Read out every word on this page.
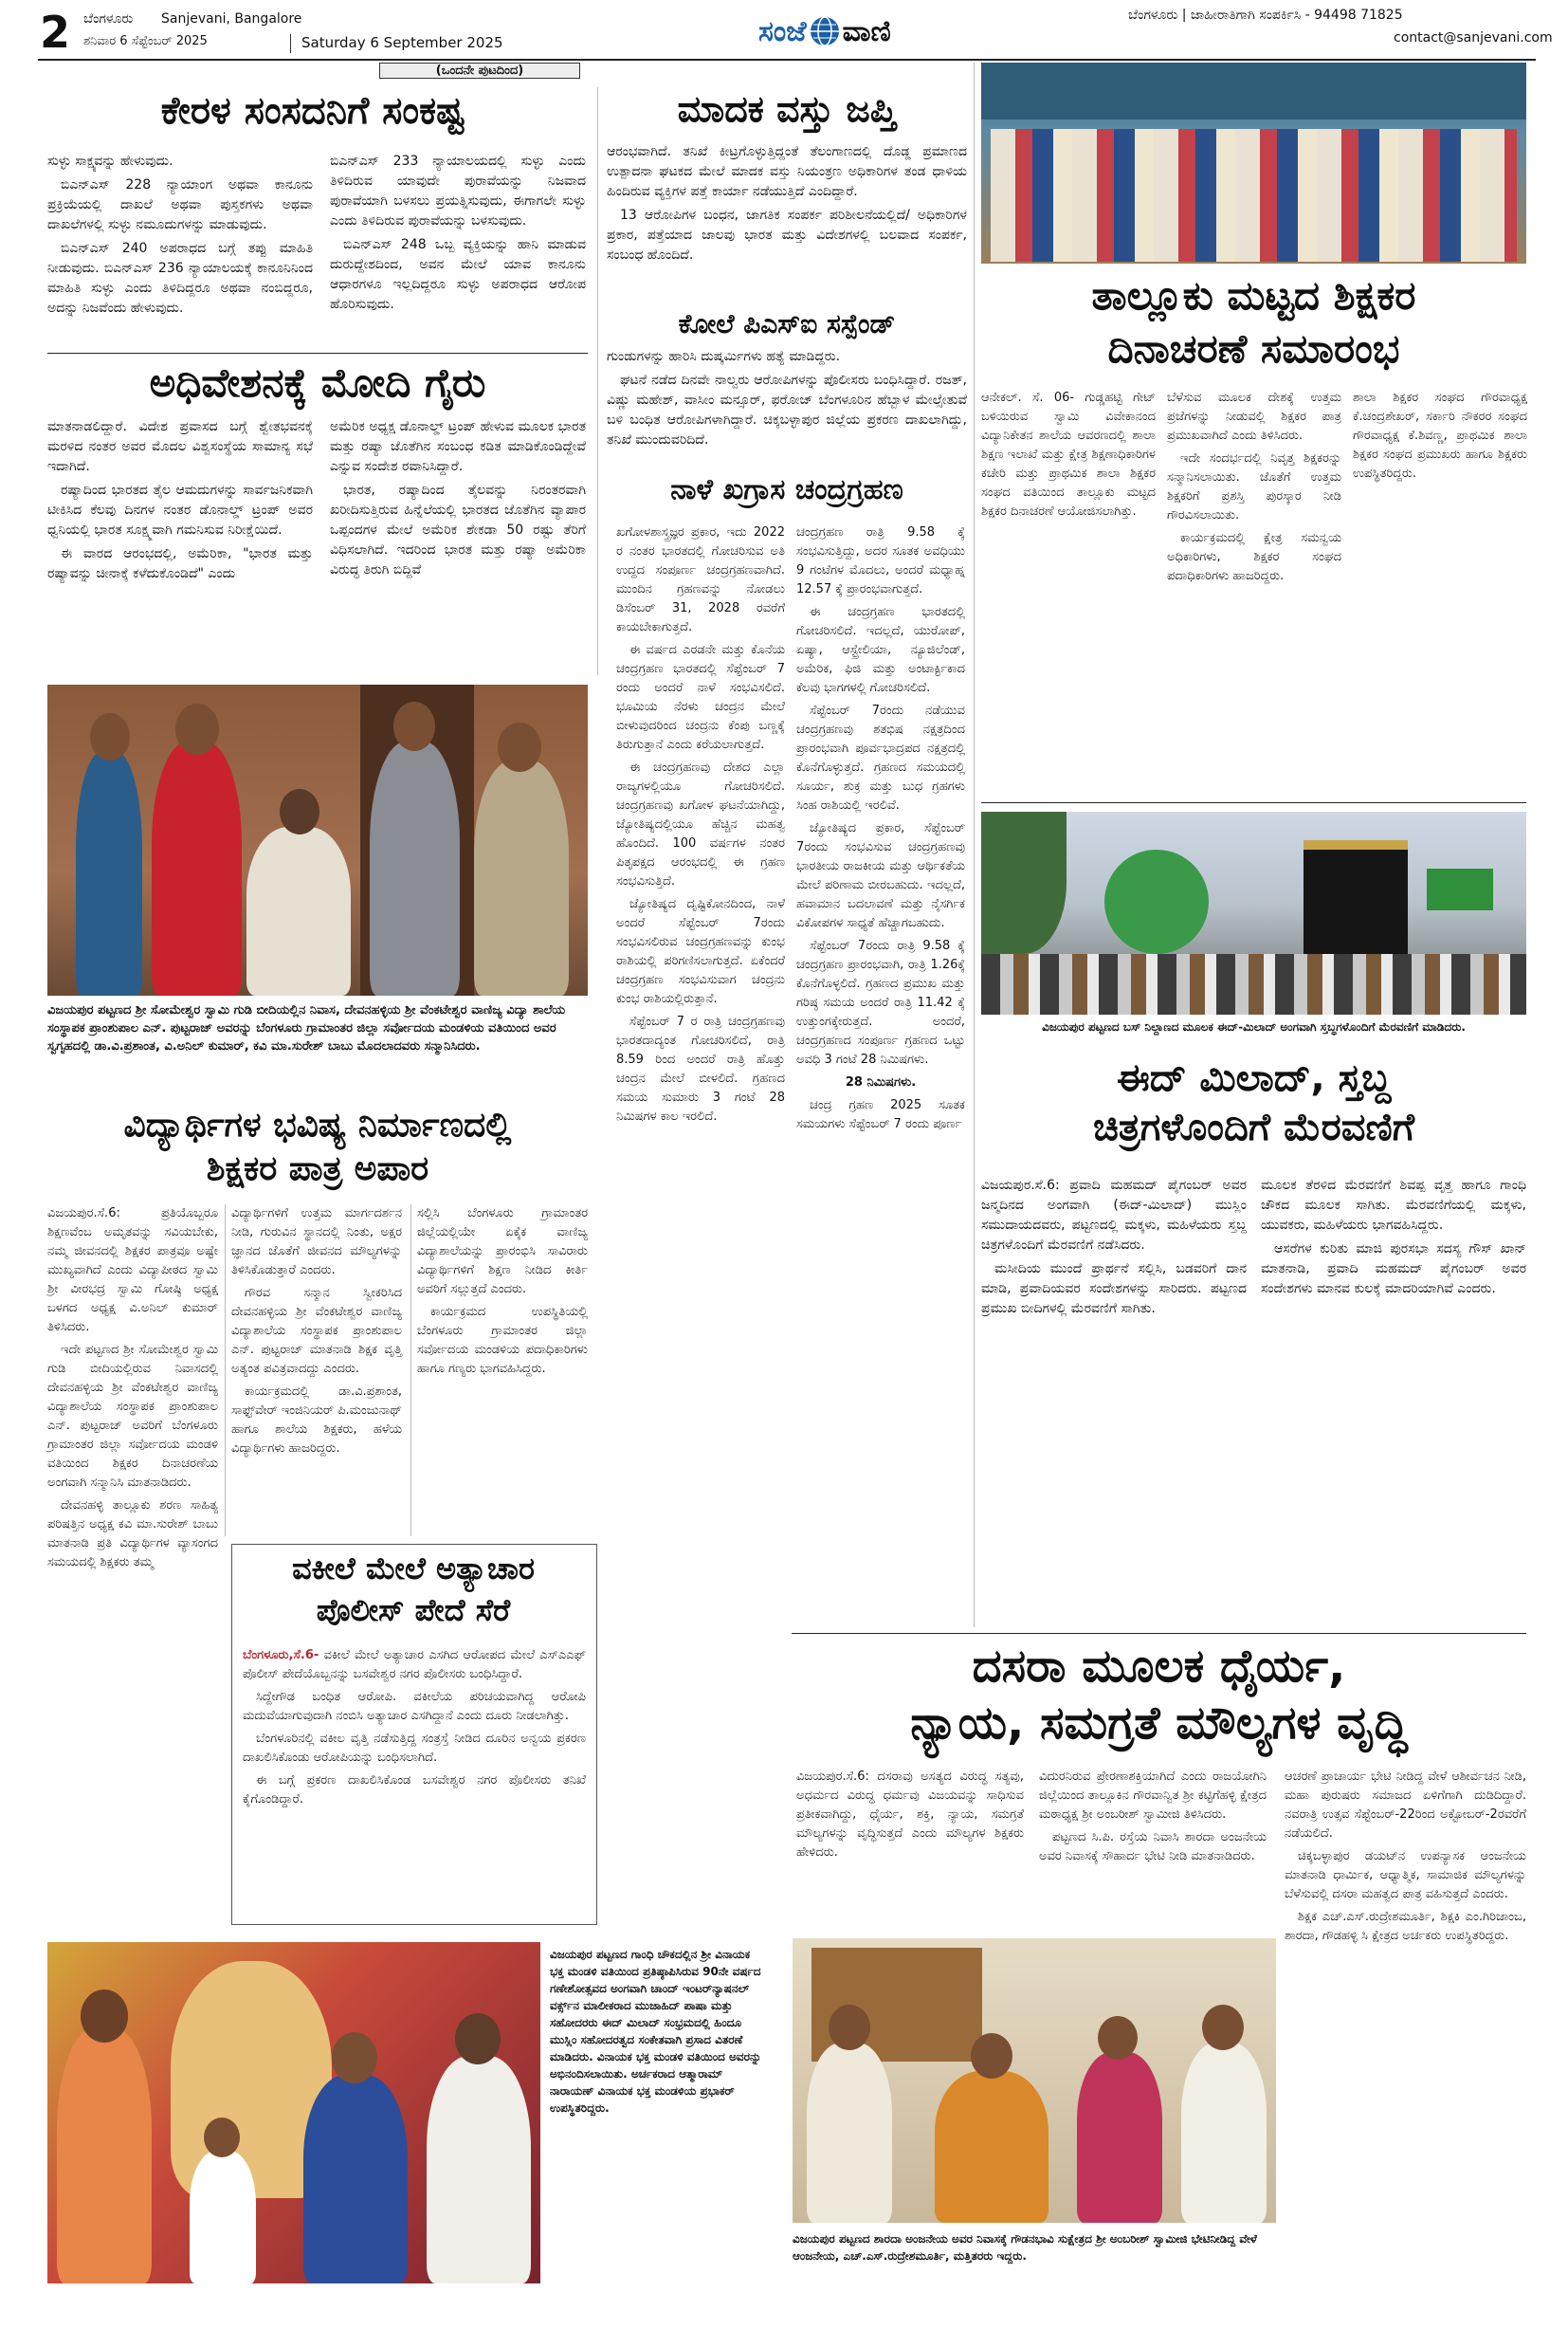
2 ಬೆಂಗಳೂರು Sanjevani, Bangalore
ಶನಿವಾರ 6 ಸೆಪ್ಟೆಂಬರ್ 2025	Saturday 6 September 2025	ಸಂಜೆ ವಾಣಿ	ಬೆಂಗಳೂರು | ಜಾಹೀರಾತಿಗಾಗಿ ಸಂಪರ್ಕಿಸಿ - 94498 71825
contact@sanjevani.com
(ಒಂದನೇ ಪುಟದಿಂದ)
ಕೇರಳ ಸಂಸದನಿಗೆ ಸಂಕಷ್ಟ

ಸುಳ್ಳು ಸಾಕ್ಷ್ಯವನ್ನು ಹೇಳುವುದು.

ಬಿಎನ್‌ಎಸ್ 228 ನ್ಯಾಯಾಂಗ ಅಥವಾ ಕಾನೂನು ಪ್ರಕ್ರಿಯೆಯಲ್ಲಿ ದಾಖಲೆ ಅಥವಾ ಪುಸ್ತಕಗಳು ಅಥವಾ ದಾಖಲೆಗಳಲ್ಲಿ ಸುಳ್ಳು ನಮೂದುಗಳನ್ನು ಮಾಡುವುದು.

ಬಿಎನ್‌ಎಸ್ 240 ಅಪರಾಧದ ಬಗ್ಗೆ ತಪ್ಪು ಮಾಹಿತಿ ನೀಡುವುದು. ಬಿಎನ್‌ಎಸ್ 236 ನ್ಯಾಯಾಲಯಕ್ಕೆ ಕಾನೂನಿನಿಂದ ಮಾಹಿತಿ ಸುಳ್ಳು ಎಂದು ತಿಳಿದಿದ್ದರೂ ಅಥವಾ ನಂಬಿದ್ದರೂ, ಅದನ್ನು ನಿಜವೆಂದು ಹೇಳುವುದು.

ಬಿಎನ್‌ಎಸ್ 233 ನ್ಯಾಯಾಲಯದಲ್ಲಿ ಸುಳ್ಳು ಎಂದು ತಿಳಿದಿರುವ ಯಾವುದೇ ಪುರಾವೆಯನ್ನು ನಿಜವಾದ ಪುರಾವೆಯಾಗಿ ಬಳಸಲು ಪ್ರಯತ್ನಿಸುವುದು, ಈಗಾಗಲೇ ಸುಳ್ಳು ಎಂದು ತಿಳಿದಿರುವ ಪುರಾವೆಯನ್ನು ಬಳಸುವುದು.

ಬಿಎನ್‌ಎಸ್ 248 ಒಬ್ಬ ವ್ಯಕ್ತಿಯನ್ನು ಹಾನಿ ಮಾಡುವ ದುರುದ್ದೇಶದಿಂದ, ಅವನ ಮೇಲೆ ಯಾವ ಕಾನೂನು ಆಧಾರಗಳೂ ಇಲ್ಲದಿದ್ದರೂ ಸುಳ್ಳು ಅಪರಾಧದ ಆರೋಪ ಹೊರಿಸುವುದು.

ಅಧಿವೇಶನಕ್ಕೆ ಮೋದಿ ಗೈರು

ಮಾತನಾಡಲಿದ್ದಾರೆ. ವಿದೇಶ ಪ್ರವಾಸದ ಬಗ್ಗೆ ಶ್ವೇತಭವನಕ್ಕೆ ಮರಳಿದ ನಂತರ ಅವರ ಮೊದಲ ವಿಶ್ವಸಂಸ್ಥೆಯ ಸಾಮಾನ್ಯ ಸಭೆ ಇದಾಗಿದೆ.

ರಷ್ಯಾದಿಂದ ಭಾರತದ ತೈಲ ಆಮದುಗಳನ್ನು ಸಾರ್ವಜನಿಕವಾಗಿ ಟೀಕಿಸಿದ ಕೆಲವು ದಿನಗಳ ನಂತರ ಡೊನಾಲ್ಡ್ ಟ್ರಂಪ್ ಅವರ ಧ್ವನಿಯಲ್ಲಿ ಭಾರತ ಸೂಕ್ಷ್ಮವಾಗಿ ಗಮನಿಸುವ ನಿರೀಕ್ಷೆಯಿದೆ.

ಈ ವಾರದ ಆರಂಭದಲ್ಲಿ, ಅಮೆರಿಕಾ, "ಭಾರತ ಮತ್ತು ರಷ್ಯಾವನ್ನು ಚೀನಾಕ್ಕೆ ಕಳೆದುಕೊಂಡಿದೆ" ಎಂದು

ಅಮೆರಿಕ ಅಧ್ಯಕ್ಷ ಡೊನಾಲ್ಡ್ ಟ್ರಂಪ್ ಹೇಳುವ ಮೂಲಕ ಭಾರತ ಮತ್ತು ರಷ್ಯಾ ಜೊತೆಗಿನ ಸಂಬಂಧ ಕಡಿತ ಮಾಡಿಕೊಂಡಿದ್ದೇವೆ ಎನ್ನುವ ಸಂದೇಶ ರವಾನಿಸಿದ್ದಾರೆ.

ಭಾರತ, ರಷ್ಯಾದಿಂದ ತೈಲವನ್ನು ನಿರಂತರವಾಗಿ ಖರೀದಿಸುತ್ತಿರುವ ಹಿನ್ನೆಲೆಯಲ್ಲಿ ಭಾರತದ ಜೊತೆಗಿನ ವ್ಯಾಪಾರ ಒಪ್ಪಂದಗಳ ಮೇಲೆ ಅಮೆರಿಕ ಶೇಕಡಾ 50 ರಷ್ಟು ತೆರಿಗೆ ವಿಧಿಸಲಾಗಿದೆ. ಇದರಿಂದ ಭಾರತ ಮತ್ತು ರಷ್ಯಾ ಅಮೆರಿಕಾ ವಿರುದ್ಧ ತಿರುಗಿ ಬಿದ್ದಿವೆ

ವಿಜಯಪುರ ಪಟ್ಟಣದ ಶ್ರೀ ಸೋಮೇಶ್ವರ ಸ್ವಾಮಿ ಗುಡಿ ಬೀದಿಯಲ್ಲಿನ ನಿವಾಸ, ದೇವನಹಳ್ಳಿಯ ಶ್ರೀ ವೆಂಕಟೇಶ್ವರ ವಾಣಿಜ್ಯ ವಿದ್ಯಾ ಶಾಲೆಯ ಸಂಸ್ಥಾಪಕ ಪ್ರಾಂಶುಪಾಲ ಎನ್. ಪುಟ್ಟರಾಜ್ ಅವರನ್ನು ಬೆಂಗಳೂರು ಗ್ರಾಮಾಂತರ ಜಿಲ್ಲಾ ಸರ್ವೋದಯ ಮಂಡಳಿಯ ವತಿಯಿಂದ ಅವರ ಸ್ವಗೃಹದಲ್ಲಿ ಡಾ.ವಿ.ಪ್ರಶಾಂತ, ವಿ.ಅನಿಲ್ ಕುಮಾರ್, ಕವಿ ಮಾ.ಸುರೇಶ್ ಬಾಬು ಮೊದಲಾದವರು ಸನ್ಮಾನಿಸಿದರು.
ವಿದ್ಯಾರ್ಥಿಗಳ ಭವಿಷ್ಯ ನಿರ್ಮಾಣದಲ್ಲಿ
ಶಿಕ್ಷಕರ ಪಾತ್ರ ಅಪಾರ

ವಿಜಯಪುರ.ಸೆ.6: ಪ್ರತಿಯೊಬ್ಬರೂ ಶಿಕ್ಷಣವೆಂಬ ಅಮೃತವನ್ನು ಸವಿಯಬೇಕು, ನಮ್ಮ ಜೀವನದಲ್ಲಿ ಶಿಕ್ಷಕರ ಪಾತ್ರವೂ ಅಷ್ಟೇ ಮುಖ್ಯವಾಗಿದೆ ಎಂದು ವಿದ್ಯಾಪೀಠದ ಸ್ವಾಮಿ ಶ್ರೀ ವೀರಭದ್ರ ಸ್ವಾಮಿ ಗೋಷ್ಠಿ ಅಧ್ಯಕ್ಷ ಬಳಗದ ಅಧ್ಯಕ್ಷ ವಿ.ಅನಿಲ್ ಕುಮಾರ್ ತಿಳಿಸಿದರು.

ಇದೇ ಪಟ್ಟಣದ ಶ್ರೀ ಸೋಮೇಶ್ವರ ಸ್ವಾಮಿ ಗುಡಿ ಬೀದಿಯಲ್ಲಿರುವ ನಿವಾಸದಲ್ಲಿ ದೇವನಹಳ್ಳಿಯ ಶ್ರೀ ವೆಂಕಟೇಶ್ವರ ವಾಣಿಜ್ಯ ವಿದ್ಯಾಶಾಲೆಯ ಸಂಸ್ಥಾಪಕ ಪ್ರಾಂಶುಪಾಲ ಎನ್. ಪುಟ್ಟರಾಜ್ ಅವರಿಗೆ ಬೆಂಗಳೂರು ಗ್ರಾಮಾಂತರ ಜಿಲ್ಲಾ ಸರ್ವೋದಯ ಮಂಡಳಿ ವತಿಯಿಂದ ಶಿಕ್ಷಕರ ದಿನಾಚರಣೆಯ ಅಂಗವಾಗಿ ಸನ್ಮಾನಿಸಿ ಮಾತನಾಡಿದರು.

ದೇವನಹಳ್ಳಿ ತಾಲ್ಲೂಕು ಶರಣ ಸಾಹಿತ್ಯ ಪರಿಷತ್ತಿನ ಅಧ್ಯಕ್ಷ ಕವಿ ಮಾ.ಸುರೇಶ್ ಬಾಬು ಮಾತನಾಡಿ ಪ್ರತಿ ವಿದ್ಯಾರ್ಥಿಗಳ ವ್ಯಾಸಂಗದ ಸಮಯದಲ್ಲಿ ಶಿಕ್ಷಕರು ತಮ್ಮ

ವಿದ್ಯಾರ್ಥಿಗಳಿಗೆ ಉತ್ತಮ ಮಾರ್ಗದರ್ಶನ ನೀಡಿ, ಗುರುವಿನ ಸ್ಥಾನದಲ್ಲಿ ನಿಂತು, ಅಕ್ಷರ ಜ್ಞಾನದ ಜೊತೆಗೆ ಜೀವನದ ಮೌಲ್ಯಗಳನ್ನು ತಿಳಿಸಿಕೊಡುತ್ತಾರೆ ಎಂದರು.

ಗೌರವ ಸನ್ಮಾನ ಸ್ವೀಕರಿಸಿದ ದೇವನಹಳ್ಳಿಯ ಶ್ರೀ ವೆಂಕಟೇಶ್ವರ ವಾಣಿಜ್ಯ ವಿದ್ಯಾಶಾಲೆಯ ಸಂಸ್ಥಾಪಕ ಪ್ರಾಂಶುಪಾಲ ಎನ್. ಪುಟ್ಟರಾಜ್ ಮಾತನಾಡಿ ಶಿಕ್ಷಕ ವೃತ್ತಿ ಅತ್ಯಂತ ಪವಿತ್ರವಾದದ್ದು ಎಂದರು.

ಕಾರ್ಯಕ್ರಮದಲ್ಲಿ ಡಾ.ವಿ.ಪ್ರಶಾಂತ, ಸಾಫ್ಟ್‌ವೇರ್ ಇಂಜಿನಿಯರ್ ಪಿ.ಮಂಜುನಾಥ್ ಹಾಗೂ ಶಾಲೆಯ ಶಿಕ್ಷಕರು, ಹಳೆಯ ವಿದ್ಯಾರ್ಥಿಗಳು ಹಾಜರಿದ್ದರು.

ಸಲ್ಲಿಸಿ ಬೆಂಗಳೂರು ಗ್ರಾಮಾಂತರ ಜಿಲ್ಲೆಯಲ್ಲಿಯೇ ಏಕೈಕ ವಾಣಿಜ್ಯ ವಿದ್ಯಾಶಾಲೆಯನ್ನು ಪ್ರಾರಂಭಿಸಿ ಸಾವಿರಾರು ವಿದ್ಯಾರ್ಥಿಗಳಿಗೆ ಶಿಕ್ಷಣ ನೀಡಿದ ಕೀರ್ತಿ ಅವರಿಗೆ ಸಲ್ಲುತ್ತದೆ ಎಂದರು.

ಕಾರ್ಯಕ್ರಮದ ಉಪಸ್ಥಿತಿಯಲ್ಲಿ ಬೆಂಗಳೂರು ಗ್ರಾಮಾಂತರ ಜಿಲ್ಲಾ ಸರ್ವೋದಯ ಮಂಡಳಿಯ ಪದಾಧಿಕಾರಿಗಳು ಹಾಗೂ ಗಣ್ಯರು ಭಾಗವಹಿಸಿದ್ದರು.

ವಕೀಲೆ ಮೇಲೆ ಅತ್ಯಾಚಾರ
ಪೊಲೀಸ್ ಪೇದೆ ಸೆರೆ

ಬೆಂಗಳೂರು,ಸೆ.6- ವಕೀಲೆ ಮೇಲೆ ಅತ್ಯಾಚಾರ ಎಸಗಿದ ಆರೋಪದ ಮೇಲೆ ಎಸ್‌ಎಎಫ್ ಪೊಲೀಸ್ ಪೇದೆಯೊಬ್ಬನನ್ನು ಬಸವೇಶ್ವರ ನಗರ ಪೊಲೀಸರು ಬಂಧಿಸಿದ್ದಾರೆ.

ಸಿದ್ದೇಗೌಡ ಬಂಧಿತ ಆರೋಪಿ. ವಕೀಲೆಯ ಪರಿಚಯವಾಗಿದ್ದ ಆರೋಪಿ ಮದುವೆಯಾಗುವುದಾಗಿ ನಂಬಿಸಿ ಅತ್ಯಾಚಾರ ಎಸಗಿದ್ದಾನೆ ಎಂದು ದೂರು ನೀಡಲಾಗಿತ್ತು.

ಬೆಂಗಳೂರಿನಲ್ಲಿ ವಕೀಲ ವೃತ್ತಿ ನಡೆಸುತ್ತಿದ್ದ ಸಂತ್ರಸ್ತೆ ನೀಡಿದ ದೂರಿನ ಅನ್ವಯ ಪ್ರಕರಣ ದಾಖಲಿಸಿಕೊಂಡು ಆರೋಪಿಯನ್ನು ಬಂಧಿಸಲಾಗಿದೆ.

ಈ ಬಗ್ಗೆ ಪ್ರಕರಣ ದಾಖಲಿಸಿಕೊಂಡ ಬಸವೇಶ್ವರ ನಗರ ಪೊಲೀಸರು ತನಿಖೆ ಕೈಗೊಂಡಿದ್ದಾರೆ.

ವಿಜಯಪುರ ಪಟ್ಟಣದ ಗಾಂಧಿ ಚೌಕದಲ್ಲಿನ ಶ್ರೀ ವಿನಾಯಕ ಭಕ್ತ ಮಂಡಳಿ ವತಿಯಿಂದ ಪ್ರತಿಷ್ಠಾಪಿಸಿರುವ 90ನೇ ವರ್ಷದ ಗಣೇಶೋತ್ಸವದ ಅಂಗವಾಗಿ ಚಾಂದ್ ಇಂಟರ್‌ನ್ಯಾಷನಲ್ ವರ್ಕ್ಸ್‌ನ ಮಾಲೀಕರಾದ ಮುಜಾಹಿದ್ ಪಾಷಾ ಮತ್ತು ಸಹೋದರರು ಈದ್ ಮಿಲಾದ್ ಸಂಭ್ರಮದಲ್ಲಿ ಹಿಂದೂ ಮುಸ್ಲಿಂ ಸಹೋದರತ್ವದ ಸಂಕೇತವಾಗಿ ಪ್ರಸಾದ ವಿತರಣೆ ಮಾಡಿದರು. ವಿನಾಯಕ ಭಕ್ತ ಮಂಡಳಿ ವತಿಯಿಂದ ಅವರನ್ನು ಅಭಿನಂದಿಸಲಾಯಿತು. ಅರ್ಚಕರಾದ ಆತ್ಮಾರಾಮ್ ನಾರಾಯಣ್ ವಿನಾಯಕ ಭಕ್ತ ಮಂಡಳಿಯ ಪ್ರಭಾಕರ್ ಉಪಸ್ಥಿತರಿದ್ದರು.
ಮಾದಕ ವಸ್ತು ಜಪ್ತಿ

ಆರಂಭವಾಗಿದೆ. ತನಿಖೆ ಕೀಟ್ರಗೊಳ್ಳುತ್ತಿದ್ದಂತೆ ತೆಲಂಗಾಣದಲ್ಲಿ ದೊಡ್ಡ ಪ್ರಮಾಣದ ಉತ್ಪಾದನಾ ಘಟಕದ ಮೇಲೆ ಮಾದಕ ವಸ್ತು ನಿಯಂತ್ರಣ ಅಧಿಕಾರಿಗಳ ತಂಡ ಧಾಳಿಯ ಹಿಂದಿರುವ ವ್ಯಕ್ತಿಗಳ ಪತ್ತೆ ಕಾರ್ಯಾ ನಡೆಯುತ್ತಿದೆ ಎಂದಿದ್ದಾರೆ.

13 ಆರೋಪಿಗಳ ಬಂಧನ, ಜಾಗತಿಕ ಸಂಪರ್ಕ ಪರಿಶೀಲನೆಯಲ್ಲಿದೆ/ ಅಧಿಕಾರಿಗಳ ಪ್ರಕಾರ, ಪತ್ತೆಯಾದ ಜಾಲವು ಭಾರತ ಮತ್ತು ವಿದೇಶಗಳಲ್ಲಿ ಬಲವಾದ ಸಂಪರ್ಕ, ಸಂಬಂಧ ಹೊಂದಿದೆ.

ಕೋಲೆ ಪಿಎಸ್‌ಐ ಸಸ್ಪೆಂಡ್

ಗುಂಡುಗಳನ್ನು ಹಾರಿಸಿ ದುಷ್ಕರ್ಮಿಗಳು ಹತ್ಯೆ ಮಾಡಿದ್ದರು.

ಘಟನೆ ನಡೆದ ದಿನವೇ ನಾಲ್ವರು ಆರೋಪಿಗಳನ್ನು ಪೊಲೀಸರು ಬಂಧಿಸಿದ್ದಾರೆ. ರಜತ್, ವಿಷ್ಣು ಮಹೇಶ್, ವಾಸೀಂ ಮನ್ಸೂರ್, ಫರೋಜ್ ಬೆಂಗಳೂರಿನ ಹೆಬ್ಬಾಳ ಮೇಲ್ಸೇತುವೆ ಬಳಿ ಬಂಧಿತ ಆರೋಪಿಗಳಾಗಿದ್ದಾರೆ. ಚಿಕ್ಕಬಳ್ಳಾಪುರ ಜಿಲ್ಲೆಯ ಪ್ರಕರಣ ದಾಖಲಾಗಿದ್ದು, ತನಿಖೆ ಮುಂದುವರಿದಿದೆ.

ನಾಳೆ ಖಗ್ರಾಸ ಚಂದ್ರಗ್ರಹಣ

ಖಗೋಳಶಾಸ್ತ್ರಜ್ಞರ ಪ್ರಕಾರ, ಇದು 2022 ರ ನಂತರ ಭಾರತದಲ್ಲಿ ಗೋಚರಿಸುವ ಅತಿ ಉದ್ದದ ಸಂಪೂರ್ಣ ಚಂದ್ರಗ್ರಹಣವಾಗಿದೆ. ಮುಂದಿನ ಗ್ರಹಣವನ್ನು ನೋಡಲು ಡಿಸೆಂಬರ್ 31, 2028 ರವರೆಗೆ ಕಾಯಬೇಕಾಗುತ್ತದೆ.

ಈ ವರ್ಷದ ಎರಡನೇ ಮತ್ತು ಕೊನೆಯ ಚಂದ್ರಗ್ರಹಣ ಭಾರತದಲ್ಲಿ ಸೆಪ್ಟೆಂಬರ್ 7 ರಂದು ಅಂದರೆ ನಾಳೆ ಸಂಭವಿಸಲಿದೆ. ಭೂಮಿಯ ನೆರಳು ಚಂದ್ರನ ಮೇಲೆ ಬೀಳುವುದರಿಂದ ಚಂದ್ರನು ಕೆಂಪು ಬಣ್ಣಕ್ಕೆ ತಿರುಗುತ್ತಾನೆ ಎಂದು ಕರೆಯಲಾಗುತ್ತದೆ.

ಈ ಚಂದ್ರಗ್ರಹಣವು ದೇಶದ ಎಲ್ಲಾ ರಾಜ್ಯಗಳಲ್ಲಿಯೂ ಗೋಚರಿಸಲಿದೆ. ಚಂದ್ರಗ್ರಹಣವು ಖಗೋಳ ಘಟನೆಯಾಗಿದ್ದು, ಜ್ಯೋತಿಷ್ಯದಲ್ಲಿಯೂ ಹೆಚ್ಚಿನ ಮಹತ್ವ ಹೊಂದಿದೆ. 100 ವರ್ಷಗಳ ನಂತರ ಪಿತೃಪಕ್ಷದ ಆರಂಭದಲ್ಲಿ ಈ ಗ್ರಹಣ ಸಂಭವಿಸುತ್ತಿದೆ.

ಜ್ಯೋತಿಷ್ಯದ ದೃಷ್ಟಿಕೋನದಿಂದ, ನಾಳೆ ಅಂದರೆ ಸೆಪ್ಟೆಂಬರ್ 7ರಂದು ಸಂಭವಿಸಲಿರುವ ಚಂದ್ರಗ್ರಹಣವನ್ನು ಕುಂಭ ರಾಶಿಯಲ್ಲಿ ಪರಿಗಣಿಸಲಾಗುತ್ತದೆ. ಏಕೆಂದರೆ ಚಂದ್ರಗ್ರಹಣ ಸಂಭವಿಸುವಾಗ ಚಂದ್ರನು ಕುಂಭ ರಾಶಿಯಲ್ಲಿರುತ್ತಾನೆ.

ಸೆಪ್ಟೆಂಬರ್ 7 ರ ರಾತ್ರಿ ಚಂದ್ರಗ್ರಹಣವು ಭಾರತದಾದ್ಯಂತ ಗೋಚರಿಸಲಿದೆ, ರಾತ್ರಿ 8.59 ರಿಂದ ಅಂದರೆ ರಾತ್ರಿ ಹೊತ್ತು ಚಂದ್ರನ ಮೇಲೆ ಬೀಳಲಿದೆ. ಗ್ರಹಣದ ಸಮಯ ಸುಮಾರು 3 ಗಂಟೆ 28 ನಿಮಿಷಗಳ ಕಾಲ ಇರಲಿದೆ.

ಚಂದ್ರಗ್ರಹಣ ರಾತ್ರಿ 9.58 ಕ್ಕೆ ಸಂಭವಿಸುತ್ತಿದ್ದು, ಅದರ ಸೂತಕ ಅವಧಿಯು 9 ಗಂಟೆಗಳ ಮೊದಲು, ಅಂದರೆ ಮಧ್ಯಾಹ್ನ 12.57 ಕ್ಕೆ ಪ್ರಾರಂಭವಾಗುತ್ತದೆ.

ಈ ಚಂದ್ರಗ್ರಹಣ ಭಾರತದಲ್ಲಿ ಗೋಚರಿಸಲಿದೆ. ಇದಲ್ಲದೆ, ಯುರೋಪ್, ಏಷ್ಯಾ, ಆಸ್ಟ್ರೇಲಿಯಾ, ನ್ಯೂಜಿಲೆಂಡ್, ಅಮೆರಿಕ, ಫಿಜಿ ಮತ್ತು ಅಂಟಾರ್ಕ್ಟಿಕಾದ ಕೆಲವು ಭಾಗಗಳಲ್ಲಿ ಗೋಚರಿಸಲಿದೆ.

ಸೆಪ್ಟೆಂಬರ್ 7ರಂದು ನಡೆಯುವ ಚಂದ್ರಗ್ರಹಣವು ಶತಭಿಷ ನಕ್ಷತ್ರದಿಂದ ಪ್ರಾರಂಭವಾಗಿ ಪೂರ್ವಭಾದ್ರಪದ ನಕ್ಷತ್ರದಲ್ಲಿ ಕೊನೆಗೊಳ್ಳುತ್ತದೆ. ಗ್ರಹಣದ ಸಮಯದಲ್ಲಿ ಸೂರ್ಯ, ಶುಕ್ರ ಮತ್ತು ಬುಧ ಗ್ರಹಗಳು ಸಿಂಹ ರಾಶಿಯಲ್ಲಿ ಇರಲಿವೆ.

ಜ್ಯೋತಿಷ್ಯದ ಪ್ರಕಾರ, ಸೆಪ್ಟೆಂಬರ್ 7ರಂದು ಸಂಭವಿಸುವ ಚಂದ್ರಗ್ರಹಣವು ಭಾರತೀಯ ರಾಜಕೀಯ ಮತ್ತು ಆರ್ಥಿಕತೆಯ ಮೇಲೆ ಪರಿಣಾಮ ಬೀರಬಹುದು. ಇದಲ್ಲದೆ, ಹವಾಮಾನ ಬದಲಾವಣೆ ಮತ್ತು ನೈಸರ್ಗಿಕ ವಿಕೋಪಗಳ ಸಾಧ್ಯತೆ ಹೆಚ್ಚಾಗಬಹುದು.

ಸೆಪ್ಟೆಂಬರ್ 7ರಂದು ರಾತ್ರಿ 9.58 ಕ್ಕೆ ಚಂದ್ರಗ್ರಹಣ ಪ್ರಾರಂಭವಾಗಿ, ರಾತ್ರಿ 1.26ಕ್ಕೆ ಕೊನೆಗೊಳ್ಳಲಿದೆ. ಗ್ರಹಣದ ಪ್ರಮುಖ ಮತ್ತು ಗರಿಷ್ಠ ಸಮಯ ಅಂದರೆ ರಾತ್ರಿ 11.42 ಕ್ಕೆ ಉತ್ತುಂಗಕ್ಕೇರುತ್ತದೆ. ಅಂದರೆ, ಚಂದ್ರಗ್ರಹಣದ ಸಂಪೂರ್ಣ ಗ್ರಹಣದ ಒಟ್ಟು ಅವಧಿ 3 ಗಂಟೆ 28 ನಿಮಿಷಗಳು.

28 ನಿಮಿಷಗಳು.

ಚಂದ್ರ ಗ್ರಹಣ 2025 ಸೂತಕ ಸಮಯಗಳು ಸೆಪ್ಟೆಂಬರ್ 7 ರಂದು ಪೂರ್ಣ

ತಾಲ್ಲೂಕು ಮಟ್ಟದ ಶಿಕ್ಷಕರ
ದಿನಾಚರಣೆ ಸಮಾರಂಭ

ಆನೇಕಲ್. ಸೆ. 06- ಗುಡ್ಡಹಟ್ಟಿ ಗೇಟ್ ಬಳಿಯಿರುವ ಸ್ವಾಮಿ ವಿವೇಕಾನಂದ ವಿದ್ಯಾನಿಕೇತನ ಶಾಲೆಯ ಆವರಣದಲ್ಲಿ ಶಾಲಾ ಶಿಕ್ಷಣ ಇಲಾಖೆ ಮತ್ತು ಕ್ಷೇತ್ರ ಶಿಕ್ಷಣಾಧಿಕಾರಿಗಳ ಕಚೇರಿ ಮತ್ತು ಪ್ರಾಥಮಿಕ ಶಾಲಾ ಶಿಕ್ಷಕರ ಸಂಘದ ವತಿಯಿಂದ ತಾಲ್ಲೂಕು ಮಟ್ಟದ ಶಿಕ್ಷಕರ ದಿನಾಚರಣೆ ಆಯೋಜಿಸಲಾಗಿತ್ತು.

ಬೆಳೆಸುವ ಮೂಲಕ ದೇಶಕ್ಕೆ ಉತ್ತಮ ಪ್ರಜೆಗಳನ್ನು ನೀಡುವಲ್ಲಿ ಶಿಕ್ಷಕರ ಪಾತ್ರ ಪ್ರಮುಖವಾಗಿದೆ ಎಂದು ತಿಳಿಸಿದರು.

ಇದೇ ಸಂದರ್ಭದಲ್ಲಿ ನಿವೃತ್ತ ಶಿಕ್ಷಕರನ್ನು ಸನ್ಮಾನಿಸಲಾಯಿತು. ಜೊತೆಗೆ ಉತ್ತಮ ಶಿಕ್ಷಕರಿಗೆ ಪ್ರಶಸ್ತಿ ಪುರಸ್ಕಾರ ನೀಡಿ ಗೌರವಿಸಲಾಯಿತು.

ಕಾರ್ಯಕ್ರಮದಲ್ಲಿ ಕ್ಷೇತ್ರ ಸಮನ್ವಯ ಅಧಿಕಾರಿಗಳು, ಶಿಕ್ಷಕರ ಸಂಘದ ಪದಾಧಿಕಾರಿಗಳು ಹಾಜರಿದ್ದರು.

ಶಾಲಾ ಶಿಕ್ಷಕರ ಸಂಘದ ಗೌರವಾಧ್ಯಕ್ಷ ಕೆ.ಚಂದ್ರಶೇಖರ್, ಸರ್ಕಾರಿ ನೌಕರರ ಸಂಘದ ಗೌರವಾಧ್ಯಕ್ಷ ಕೆ.ಶಿವಣ್ಣ, ಪ್ರಾಥಮಿಕ ಶಾಲಾ ಶಿಕ್ಷಕರ ಸಂಘದ ಪ್ರಮುಖರು ಹಾಗೂ ಶಿಕ್ಷಕರು ಉಪಸ್ಥಿತರಿದ್ದರು.

ವಿಜಯಪುರ ಪಟ್ಟಣದ ಬಸ್ ನಿಲ್ದಾಣದ ಮೂಲಕ ಈದ್-ಮಿಲಾದ್ ಅಂಗವಾಗಿ ಸ್ತಬ್ಧಗಳೊಂದಿಗೆ ಮೆರವಣಿಗೆ ಮಾಡಿದರು.
ಈದ್ ಮಿಲಾದ್, ಸ್ತಬ್ದ
ಚಿತ್ರಗಳೊಂದಿಗೆ ಮೆರವಣಿಗೆ

ವಿಜಯಪುರ.ಸೆ.6: ಪ್ರವಾದಿ ಮಹಮದ್ ಪೈಗಂಬರ್ ಅವರ ಜನ್ಮದಿನದ ಅಂಗವಾಗಿ (ಈದ್-ಮಿಲಾದ್) ಮುಸ್ಲಿಂ ಸಮುದಾಯದವರು, ಪಟ್ಟಣದಲ್ಲಿ ಮಕ್ಕಳು, ಮಹಿಳೆಯರು ಸ್ತಬ್ದ ಚಿತ್ರಗಳೊಂದಿಗೆ ಮೆರವಣಿಗೆ ನಡೆಸಿದರು.

ಮಸೀದಿಯ ಮುಂದೆ ಪ್ರಾರ್ಥನೆ ಸಲ್ಲಿಸಿ, ಬಡವರಿಗೆ ದಾನ ಮಾಡಿ, ಪ್ರವಾದಿಯವರ ಸಂದೇಶಗಳನ್ನು ಸಾರಿದರು. ಪಟ್ಟಣದ ಪ್ರಮುಖ ಬೀದಿಗಳಲ್ಲಿ ಮೆರವಣಿಗೆ ಸಾಗಿತು.

ಮೂಲಕ ತೆರಳಿದ ಮೆರವಣಿಗೆ ಶಿವಪ್ಪ ವೃತ್ತ ಹಾಗೂ ಗಾಂಧಿ ಚೌಕದ ಮೂಲಕ ಸಾಗಿತು. ಮೆರವಣಿಗೆಯಲ್ಲಿ ಮಕ್ಕಳು, ಯುವಕರು, ಮಹಿಳೆಯರು ಭಾಗವಹಿಸಿದ್ದರು.

ಆಸರೆಗಳ ಕುರಿತು ಮಾಜಿ ಪುರಸಭಾ ಸದಸ್ಯ ಗೌಸ್ ಖಾನ್ ಮಾತನಾಡಿ, ಪ್ರವಾದಿ ಮಹಮದ್ ಪೈಗಂಬರ್ ಅವರ ಸಂದೇಶಗಳು ಮಾನವ ಕುಲಕ್ಕೆ ಮಾದರಿಯಾಗಿವೆ ಎಂದರು.

ದಸರಾ ಮೂಲಕ ಧೈರ್ಯ,
ನ್ಯಾಯ, ಸಮಗ್ರತೆ ಮೌಲ್ಯಗಳ ವೃದ್ಧಿ

ವಿಜಯಪುರ.ಸೆ.6: ದಸರಾವು ಅಸತ್ಯದ ವಿರುದ್ಧ ಸತ್ಯವು, ಅಧರ್ಮದ ವಿರುದ್ಧ ಧರ್ಮವು ವಿಜಯವನ್ನು ಸಾಧಿಸುವ ಪ್ರತೀಕವಾಗಿದ್ದು, ಧೈರ್ಯ, ಶಕ್ತಿ, ನ್ಯಾಯ, ಸಮಗ್ರತೆ ಮೌಲ್ಯಗಳನ್ನು ವೃದ್ಧಿಸುತ್ತದೆ ಎಂದು ಮೌಲ್ಯಗಳ ಶಿಕ್ಷಕರು ಹೇಳಿದರು.

ವಿದುರನಿರುವ ಪ್ರೇರಣಾಶಕ್ತಿಯಾಗಿದೆ ಎಂದು ರಾಜಯೋಗಿನಿ ಜಿಲ್ಲೆಯಿಂದ ತಾಲ್ಲೂಕಿನ ಗೌರವಾನ್ವಿತ ಶ್ರೀ ಕಟ್ಟಿಗೆಹಳ್ಳಿ ಕ್ಷೇತ್ರದ ಮಠಾಧ್ಯಕ್ಷ ಶ್ರೀ ಅಂಬರೀಶ್ ಸ್ವಾಮೀಜಿ ತಿಳಿಸಿದರು.

ಪಟ್ಟಣದ ಸಿ.ಪಿ. ರಸ್ತೆಯ ನಿವಾಸಿ ಶಾರದಾ ಅಂಜನೇಯ ಅವರ ನಿವಾಸಕ್ಕೆ ಸೌಹಾರ್ದ ಭೇಟಿ ನೀಡಿ ಮಾತನಾಡಿದರು.

ಆಚರಣೆ ಪ್ರಾಚಾರ್ಯ ಭೇಟಿ ನೀಡಿದ್ದ ವೇಳೆ ಆಶೀರ್ವಚನ ನೀಡಿ, ಮಹಾ ಪುರುಷರು ಸಮಾಜದ ಏಳಿಗೆಗಾಗಿ ದುಡಿದಿದ್ದಾರೆ. ನವರಾತ್ರಿ ಉತ್ಸವ ಸೆಪ್ಟೆಂಬರ್-22ರಿಂದ ಅಕ್ಟೋಬರ್-2ರವರೆಗೆ ನಡೆಯಲಿದೆ.

ಚಿಕ್ಕಬಳ್ಳಾಪುರ ಡಯಟ್‌ನ ಉಪನ್ಯಾಸಕ ಆಂಜನೇಯ ಮಾತನಾಡಿ ಧಾರ್ಮಿಕ, ಆಧ್ಯಾತ್ಮಿಕ, ಸಾಮಾಜಿಕ ಮೌಲ್ಯಗಳನ್ನು ಬೆಳೆಸುವಲ್ಲಿ ದಸರಾ ಮಹತ್ವದ ಪಾತ್ರ ವಹಿಸುತ್ತದೆ ಎಂದರು.

ಶಿಕ್ಷಕ ಎಚ್.ಎಸ್.ರುದ್ರೇಶಮೂರ್ತಿ, ಶಿಕ್ಷಕಿ ಎಂ.ಗಿರಿಜಾಂಬ, ಶಾರದಾ, ಗೌಡಹಳ್ಳಿ ಸಿ ಕ್ಷೇತ್ರದ ಅರ್ಚಕರು ಉಪಸ್ಥಿತರಿದ್ದರು.

ವಿಜಯಪುರ ಪಟ್ಟಣದ ಶಾರದಾ ಅಂಜನೇಯ ಅವರ ನಿವಾಸಕ್ಕೆ ಗೌಡನಭಾವಿ ಸುಕ್ಷೇತ್ರದ ಶ್ರೀ ಅಂಬರೀಶ್ ಸ್ವಾಮೀಜಿ ಭೇಟಿನೀಡಿದ್ದ ವೇಳೆ ಆಂಜನೇಯ, ಎಚ್.ಎಸ್.ರುದ್ರೇಶಮೂರ್ತಿ, ಮತ್ತಿತರರು ಇದ್ದರು.
